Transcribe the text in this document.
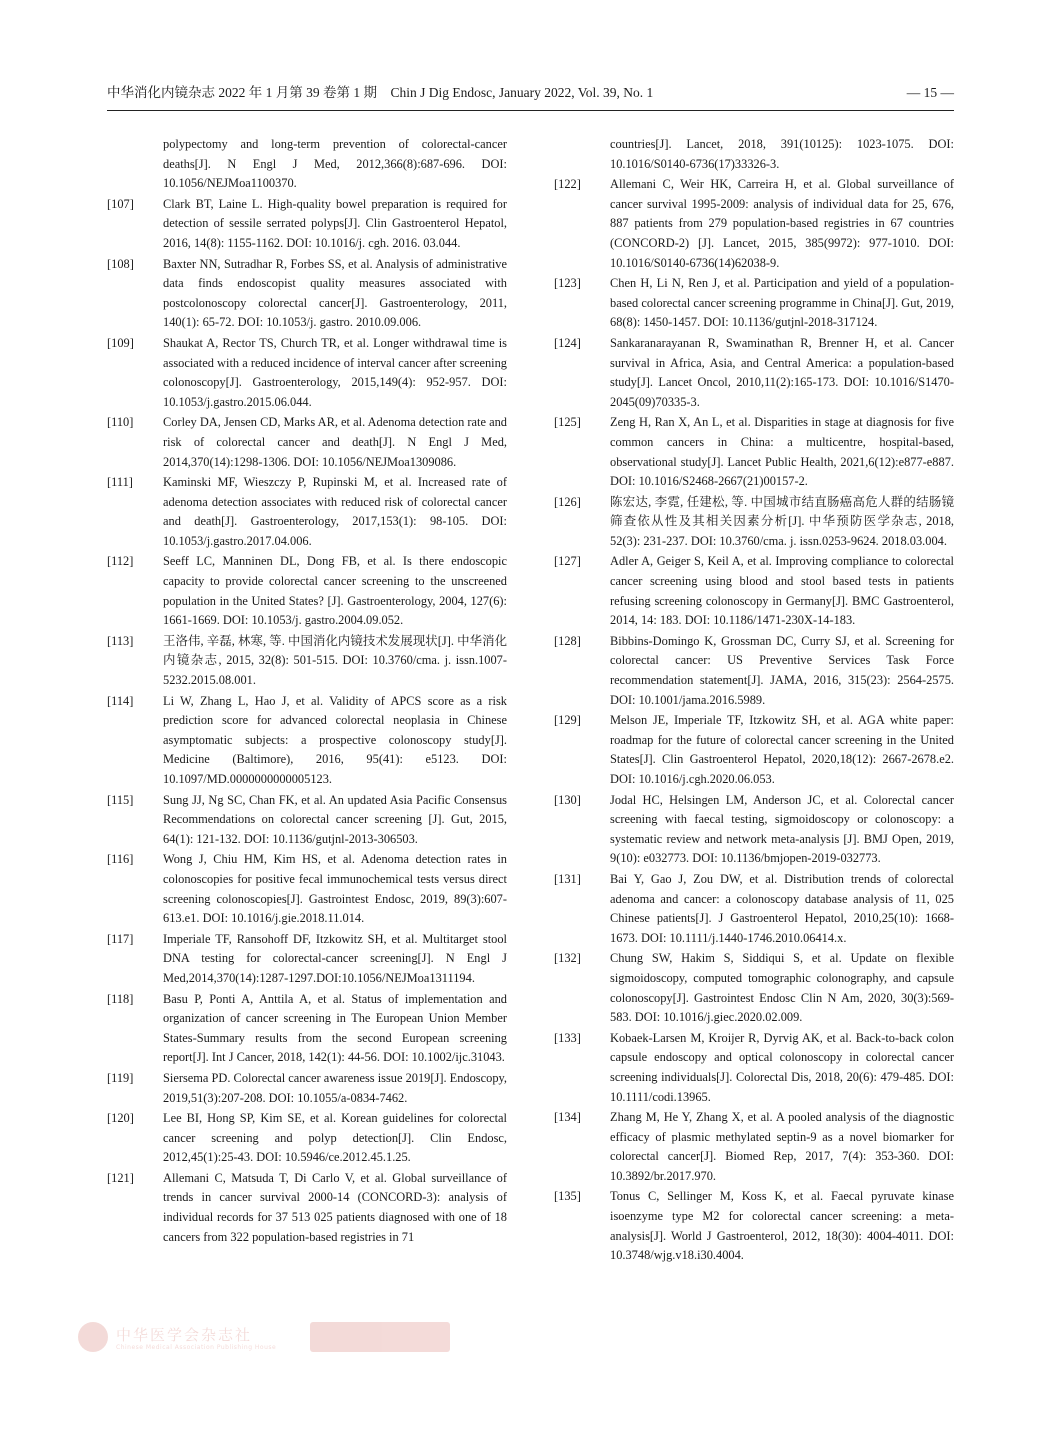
中华消化内镜杂志 2022 年 1 月第 39 卷第 1 期　Chin J Dig Endosc, January 2022, Vol. 39, No. 1	— 15 —
polypectomy and long-term prevention of colorectal-cancer deaths[J]. N Engl J Med, 2012,366(8):687-696. DOI: 10.1056/NEJMoa1100370.
[107] Clark BT, Laine L. High-quality bowel preparation is required for detection of sessile serrated polyps[J]. Clin Gastroenterol Hepatol, 2016, 14(8): 1155-1162. DOI: 10.1016/j. cgh. 2016. 03.044.
[108] Baxter NN, Sutradhar R, Forbes SS, et al. Analysis of administrative data finds endoscopist quality measures associated with postcolonoscopy colorectal cancer[J]. Gastroenterology, 2011, 140(1): 65-72. DOI: 10.1053/j. gastro. 2010.09.006.
[109] Shaukat A, Rector TS, Church TR, et al. Longer withdrawal time is associated with a reduced incidence of interval cancer after screening colonoscopy[J]. Gastroenterology, 2015,149(4): 952-957. DOI: 10.1053/j.gastro.2015.06.044.
[110] Corley DA, Jensen CD, Marks AR, et al. Adenoma detection rate and risk of colorectal cancer and death[J]. N Engl J Med, 2014,370(14):1298-1306. DOI: 10.1056/NEJMoa1309086.
[111] Kaminski MF, Wieszczy P, Rupinski M, et al. Increased rate of adenoma detection associates with reduced risk of colorectal cancer and death[J]. Gastroenterology, 2017,153(1): 98-105. DOI: 10.1053/j.gastro.2017.04.006.
[112] Seeff LC, Manninen DL, Dong FB, et al. Is there endoscopic capacity to provide colorectal cancer screening to the unscreened population in the United States? [J]. Gastroenterology, 2004, 127(6): 1661-1669. DOI: 10.1053/j. gastro.2004.09.052.
[113] 王洛伟, 辛磊, 林寒, 等. 中国消化内镜技术发展现状[J]. 中华消化内镜杂志, 2015, 32(8): 501-515. DOI: 10.3760/cma. j. issn.1007-5232.2015.08.001.
[114] Li W, Zhang L, Hao J, et al. Validity of APCS score as a risk prediction score for advanced colorectal neoplasia in Chinese asymptomatic subjects: a prospective colonoscopy study[J]. Medicine (Baltimore), 2016, 95(41): e5123. DOI: 10.1097/MD.0000000000005123.
[115] Sung JJ, Ng SC, Chan FK, et al. An updated Asia Pacific Consensus Recommendations on colorectal cancer screening [J]. Gut, 2015, 64(1): 121-132. DOI: 10.1136/gutjnl-2013-306503.
[116] Wong J, Chiu HM, Kim HS, et al. Adenoma detection rates in colonoscopies for positive fecal immunochemical tests versus direct screening colonoscopies[J]. Gastrointest Endosc, 2019, 89(3):607-613.e1. DOI: 10.1016/j.gie.2018.11.014.
[117] Imperiale TF, Ransohoff DF, Itzkowitz SH, et al. Multitarget stool DNA testing for colorectal-cancer screening[J]. N Engl J Med,2014,370(14):1287-1297.DOI:10.1056/NEJMoa1311194.
[118] Basu P, Ponti A, Anttila A, et al. Status of implementation and organization of cancer screening in The European Union Member States-Summary results from the second European screening report[J]. Int J Cancer, 2018, 142(1): 44-56. DOI: 10.1002/ijc.31043.
[119] Siersema PD. Colorectal cancer awareness issue 2019[J]. Endoscopy, 2019,51(3):207-208. DOI: 10.1055/a-0834-7462.
[120] Lee BI, Hong SP, Kim SE, et al. Korean guidelines for colorectal cancer screening and polyp detection[J]. Clin Endosc, 2012,45(1):25-43. DOI: 10.5946/ce.2012.45.1.25.
[121] Allemani C, Matsuda T, Di Carlo V, et al. Global surveillance of trends in cancer survival 2000-14 (CONCORD-3): analysis of individual records for 37 513 025 patients diagnosed with one of 18 cancers from 322 population-based registries in 71
countries[J]. Lancet, 2018, 391(10125): 1023-1075. DOI: 10.1016/S0140-6736(17)33326-3.
[122] Allemani C, Weir HK, Carreira H, et al. Global surveillance of cancer survival 1995-2009: analysis of individual data for 25, 676, 887 patients from 279 population-based registries in 67 countries (CONCORD-2) [J]. Lancet, 2015, 385(9972): 977-1010. DOI: 10.1016/S0140-6736(14)62038-9.
[123] Chen H, Li N, Ren J, et al. Participation and yield of a population-based colorectal cancer screening programme in China[J]. Gut, 2019, 68(8): 1450-1457. DOI: 10.1136/gutjnl-2018-317124.
[124] Sankaranarayanan R, Swaminathan R, Brenner H, et al. Cancer survival in Africa, Asia, and Central America: a population-based study[J]. Lancet Oncol, 2010,11(2):165-173. DOI: 10.1016/S1470-2045(09)70335-3.
[125] Zeng H, Ran X, An L, et al. Disparities in stage at diagnosis for five common cancers in China: a multicentre, hospital-based, observational study[J]. Lancet Public Health, 2021,6(12):e877-e887. DOI: 10.1016/S2468-2667(21)00157-2.
[126] 陈宏达, 李霓, 任建松, 等. 中国城市结直肠癌高危人群的结肠镜筛查依从性及其相关因素分析[J]. 中华预防医学杂志, 2018, 52(3): 231-237. DOI: 10.3760/cma. j. issn.0253-9624. 2018.03.004.
[127] Adler A, Geiger S, Keil A, et al. Improving compliance to colorectal cancer screening using blood and stool based tests in patients refusing screening colonoscopy in Germany[J]. BMC Gastroenterol, 2014, 14: 183. DOI: 10.1186/1471-230X-14-183.
[128] Bibbins-Domingo K, Grossman DC, Curry SJ, et al. Screening for colorectal cancer: US Preventive Services Task Force recommendation statement[J]. JAMA, 2016, 315(23): 2564-2575. DOI: 10.1001/jama.2016.5989.
[129] Melson JE, Imperiale TF, Itzkowitz SH, et al. AGA white paper: roadmap for the future of colorectal cancer screening in the United States[J]. Clin Gastroenterol Hepatol, 2020,18(12): 2667-2678.e2. DOI: 10.1016/j.cgh.2020.06.053.
[130] Jodal HC, Helsingen LM, Anderson JC, et al. Colorectal cancer screening with faecal testing, sigmoidoscopy or colonoscopy: a systematic review and network meta-analysis [J]. BMJ Open, 2019, 9(10): e032773. DOI: 10.1136/bmjopen-2019-032773.
[131] Bai Y, Gao J, Zou DW, et al. Distribution trends of colorectal adenoma and cancer: a colonoscopy database analysis of 11, 025 Chinese patients[J]. J Gastroenterol Hepatol, 2010,25(10): 1668-1673. DOI: 10.1111/j.1440-1746.2010.06414.x.
[132] Chung SW, Hakim S, Siddiqui S, et al. Update on flexible sigmoidoscopy, computed tomographic colonography, and capsule colonoscopy[J]. Gastrointest Endosc Clin N Am, 2020, 30(3):569-583. DOI: 10.1016/j.giec.2020.02.009.
[133] Kobaek-Larsen M, Kroijer R, Dyrvig AK, et al. Back-to-back colon capsule endoscopy and optical colonoscopy in colorectal cancer screening individuals[J]. Colorectal Dis, 2018, 20(6): 479-485. DOI: 10.1111/codi.13965.
[134] Zhang M, He Y, Zhang X, et al. A pooled analysis of the diagnostic efficacy of plasmic methylated septin-9 as a novel biomarker for colorectal cancer[J]. Biomed Rep, 2017, 7(4): 353-360. DOI: 10.3892/br.2017.970.
[135] Tonus C, Sellinger M, Koss K, et al. Faecal pyruvate kinase isoenzyme type M2 for colorectal cancer screening: a meta-analysis[J]. World J Gastroenterol, 2012, 18(30): 4004-4011. DOI: 10.3748/wjg.v18.i30.4004.
中华医学会杂志社
Chinese Medical Association Publishing House
